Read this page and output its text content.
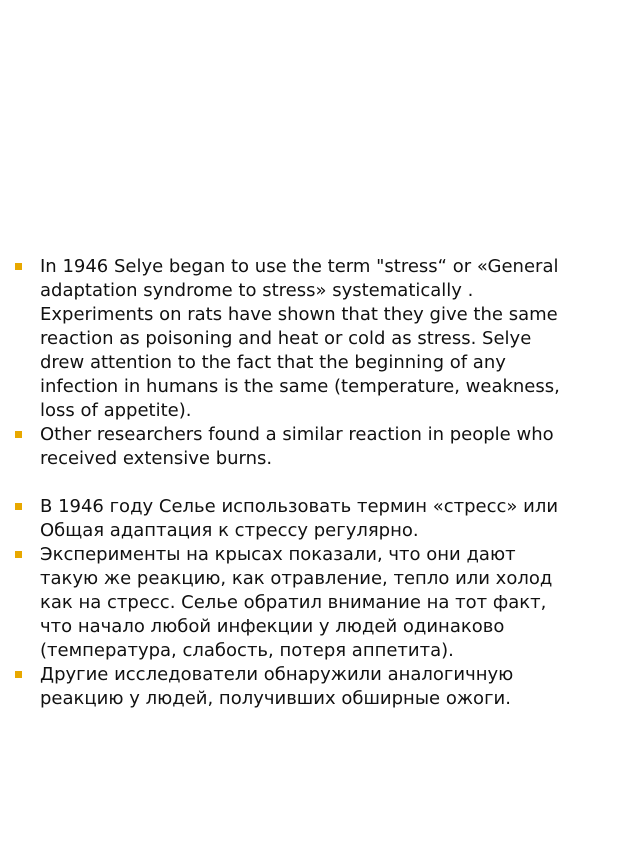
In 1946 Selye began to use the term "stress“ or «General adaptation syndrome to stress» systematically . Experiments on rats have shown that they give the same reaction as poisoning and heat or cold as stress. Selye drew attention to the fact that the beginning of any infection in humans is the same (temperature, weakness, loss of appetite).
Other researchers found a similar reaction in people who received extensive burns.
В 1946 году Селье использовать термин «стресс» или Общая адаптация к стрессу регулярно.
Эксперименты на крысах показали, что они дают такую же реакцию, как отравление, тепло или холод как на стресс. Селье обратил внимание на тот факт, что начало любой инфекции у людей одинаково (температура, слабость, потеря аппетита).
Другие исследователи обнаружили аналогичную реакцию у людей, получивших обширные ожоги.
